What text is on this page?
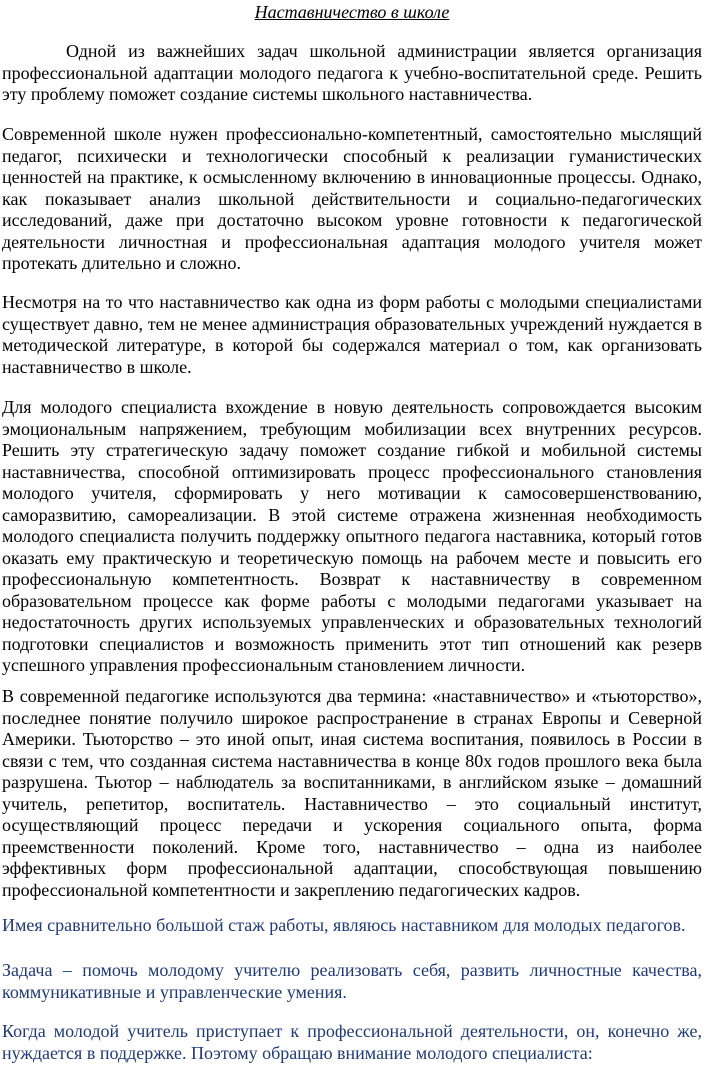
Наставничество в школе

Одной из важнейших задач школьной администрации является организация профессиональной адаптации молодого педагога к учебно-воспитательной среде. Решить эту проблему поможет создание системы школьного наставничества.

Современной школе нужен профессионально-компетентный, самостоятельно мыслящий педагог, психически и технологически способный к реализации гуманистических ценностей на практике, к осмысленному включению в инновационные процессы. Однако, как показывает анализ школьной действительности и социально-педагогических исследований, даже при достаточно высоком уровне готовности к педагогической деятельности личностная и профессиональная адаптация молодого учителя может протекать длительно и сложно.

Несмотря на то что наставничество как одна из форм работы с молодыми специалистами существует давно, тем не менее администрация образовательных учреждений нуждается в методической литературе, в которой бы содержался материал о том, как организовать наставничество в школе.

Для молодого специалиста вхождение в новую деятельность сопровождается высоким эмоциональным напряжением, требующим мобилизации всех внутренних ресурсов. Решить эту стратегическую задачу поможет создание гибкой и мобильной системы наставничества, способной оптимизировать процесс профессионального становления молодого учителя, сформировать у него мотивации к самосовершенствованию, саморазвитию, самореализации. В этой системе отражена жизненная необходимость молодого специалиста получить поддержку опытного педагога наставника, который готов оказать ему практическую и теоретическую помощь на рабочем месте и повысить его профессиональную компетентность. Возврат к наставничеству в современном образовательном процессе как форме работы с молодыми педагогами указывает на недостаточность других используемых управленческих и образовательных технологий подготовки специалистов и возможность применить этот тип отношений как резерв успешного управления профессиональным становлением личности.

В современной педагогике используются два термина: «наставничество» и «тьюторство», последнее понятие получило широкое распространение в странах Европы и Северной Америки. Тьюторство – это иной опыт, иная система воспитания, появилось в России в связи с тем, что созданная система наставничества в конце 80х годов прошлого века была разрушена. Тьютор – наблюдатель за воспитанниками, в английском языке – домашний учитель, репетитор, воспитатель. Наставничество – это социальный институт, осуществляющий процесс передачи и ускорения социального опыта, форма преемственности поколений. Кроме того, наставничество – одна из наиболее эффективных форм профессиональной адаптации, способствующая повышению профессиональной компетентности и закреплению педагогических кадров.

Имея сравнительно большой стаж работы, являюсь наставником для молодых педагогов.

Задача – помочь молодому учителю реализовать себя, развить личностные качества, коммуникативные и управленческие умения.

Когда молодой учитель приступает к профессиональной деятельности, он, конечно же, нуждается в поддержке. Поэтому обращаю внимание молодого специалиста:
